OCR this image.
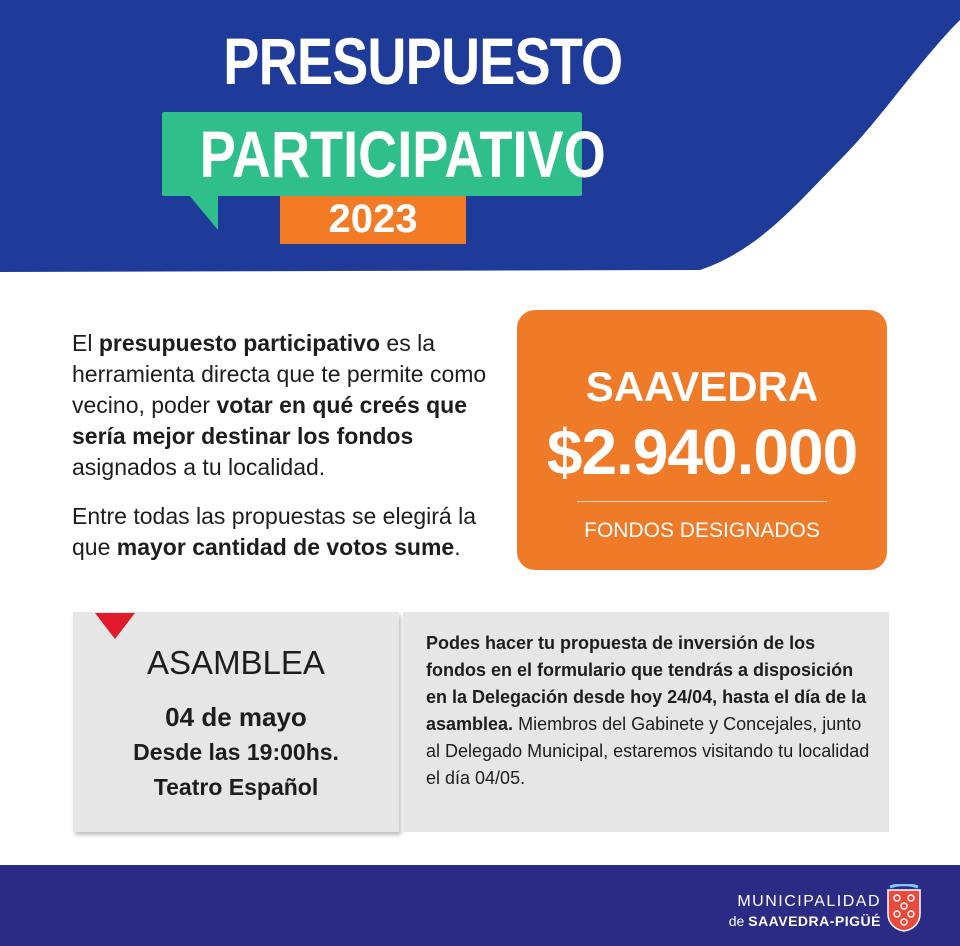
PRESUPUESTO
PARTICIPATIVO
2023

El presupuesto participativo es la herramienta directa que te permite como vecino, poder votar en qué creés que sería mejor destinar los fondos asignados a tu localidad.

Entre todas las propuestas se elegirá la que mayor cantidad de votos sume.

SAAVEDRA
$2.940.000
FONDOS DESIGNADOS
ASAMBLEA
04 de mayo
Desde las 19:00hs.
Teatro Español
Podes hacer tu propuesta de inversión de los fondos en el formulario que tendrás a disposición en la Delegación desde hoy 24/04, hasta el día de la asamblea. Miembros del Gabinete y Concejales, junto al Delegado Municipal, estaremos visitando tu localidad el día 04/05.
MUNICIPALIDAD
de SAAVEDRA-PIGÜÉ
